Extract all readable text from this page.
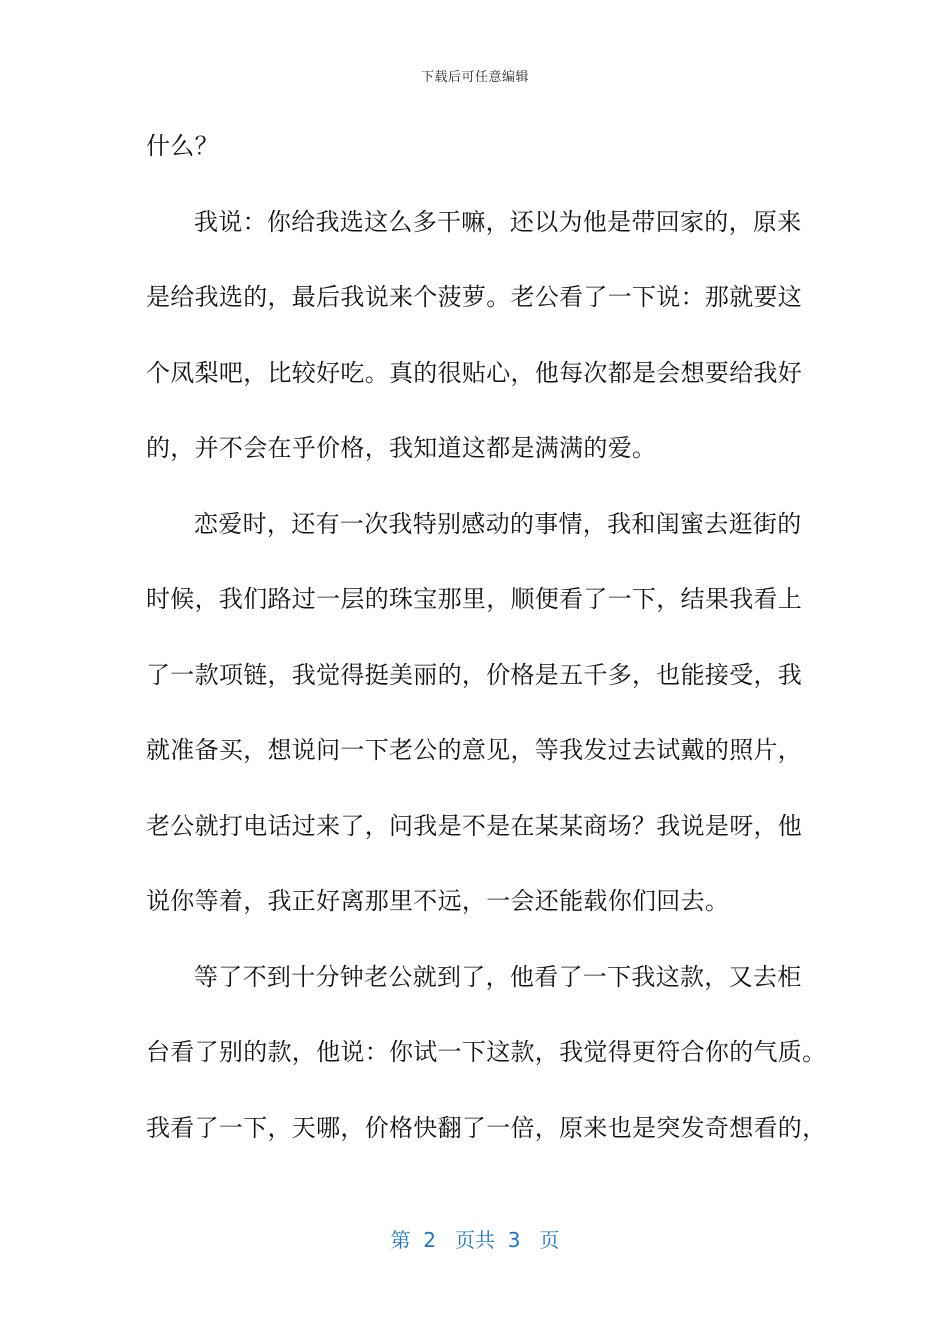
下载后可任意编辑
什么？
我说：你给我选这么多干嘛，还以为他是带回家的，原来
是给我选的，最后我说来个菠萝。老公看了一下说：那就要这
个凤梨吧，比较好吃。真的很贴心，他每次都是会想要给我好
的，并不会在乎价格，我知道这都是满满的爱。
恋爱时，还有一次我特别感动的事情，我和闺蜜去逛街的
时候，我们路过一层的珠宝那里，顺便看了一下，结果我看上
了一款项链，我觉得挺美丽的，价格是五千多，也能接受，我
就准备买，想说问一下老公的意见，等我发过去试戴的照片，
老公就打电话过来了，问我是不是在某某商场？我说是呀，他
说你等着，我正好离那里不远，一会还能载你们回去。
等了不到十分钟老公就到了，他看了一下我这款，又去柜
台看了别的款，他说：你试一下这款，我觉得更符合你的气质。
我看了一下，天哪，价格快翻了一倍，原来也是突发奇想看的，
第  2   页共  3   页
